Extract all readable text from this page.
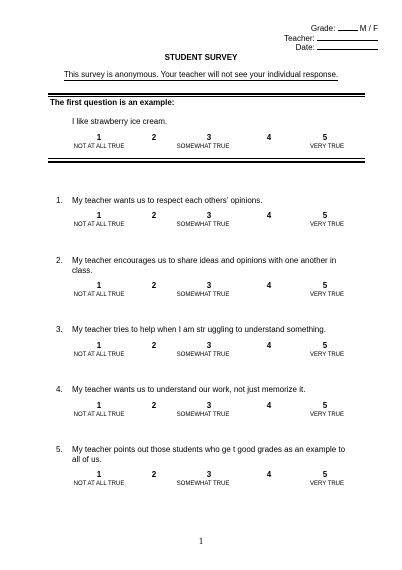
Grade:	M / F
Teacher:
Date:
STUDENT SURVEY
This survey is anonymous. Your teacher will not see your individual response.
The first question is an example:
I like strawberry ice cream.
1	2	3	4	5
NOT AT ALL TRUE	SOMEWHAT TRUE	VERY TRUE
1. My teacher wants us to respect each others’ opinions.
1	2	3	4	5
NOT AT ALL TRUE	SOMEWHAT TRUE	VERY TRUE
2. My teacher encourages us to share ideas and opinions with one another in class.
1	2	3	4	5
NOT AT ALL TRUE	SOMEWHAT TRUE	VERY TRUE
3. My teacher tries to help when I am str uggling to understand something.
1	2	3	4	5
NOT AT ALL TRUE	SOMEWHAT TRUE	VERY TRUE
4. My teacher wants us to understand our work, not just memorize it.
1	2	3	4	5
NOT AT ALL TRUE	SOMEWHAT TRUE	VERY TRUE
5. My teacher points out those students who ge t good grades as an example to all of us.
1	2	3	4	5
NOT AT ALL TRUE	SOMEWHAT TRUE	VERY TRUE
1
